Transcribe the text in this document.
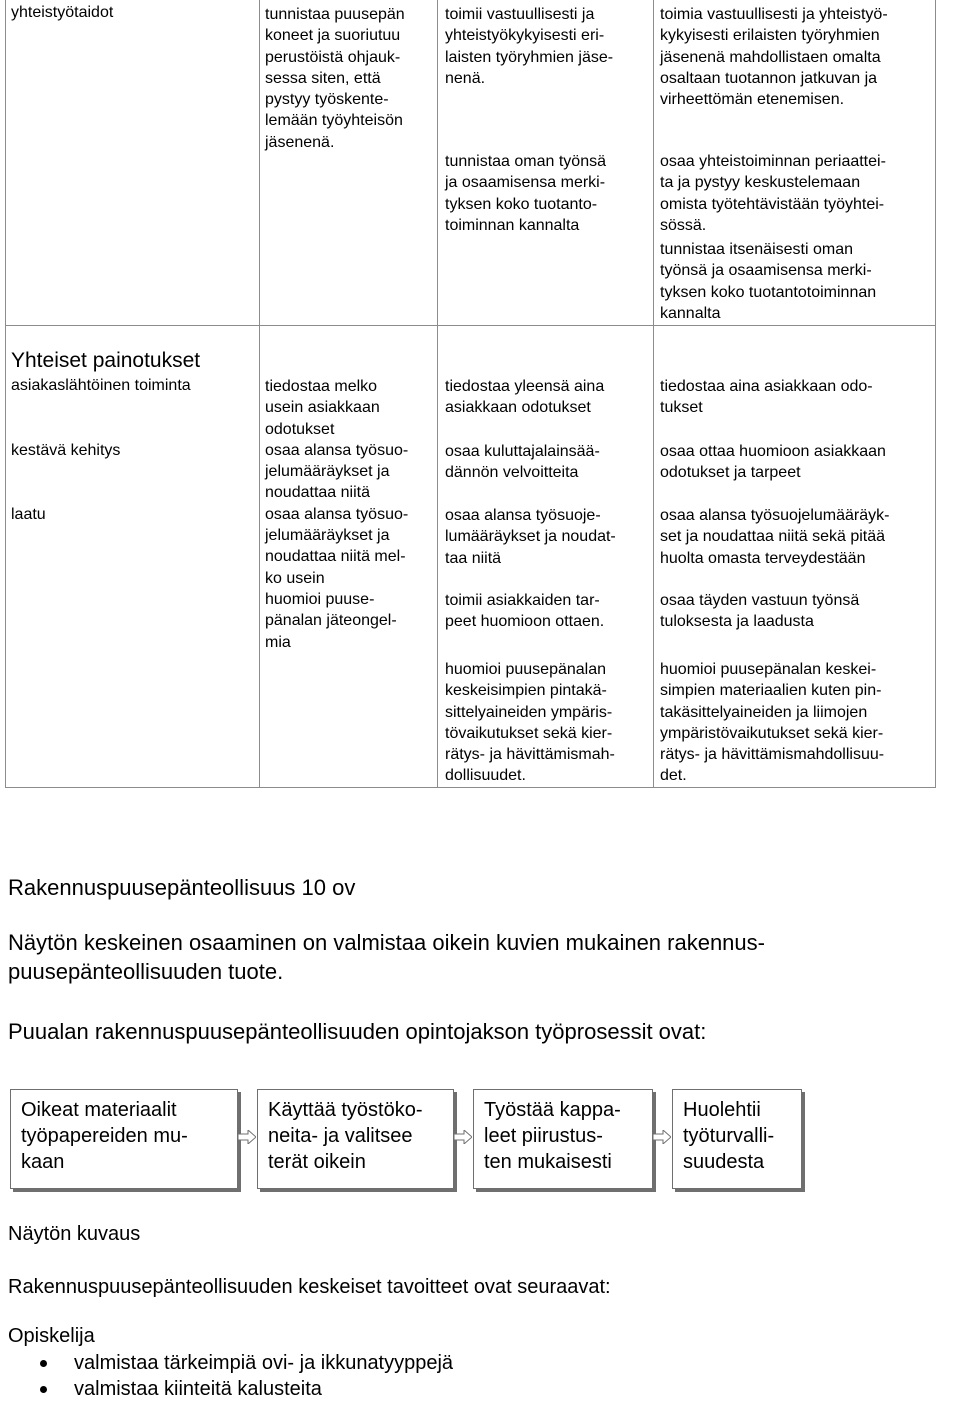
yhteistyötaidot	tunnistaa puusepän
koneet ja suoriutuu
perustöistä ohjauk-
sessa siten, että
pystyy työskente-
lemään työyhteisön
jäsenenä.
toimii vastuullisesti ja
yhteistyökykyisesti eri-
laisten työryhmien jäse-
nenä.
tunnistaa oman työnsä
ja osaamisensa merki-
tyksen koko tuotanto-
toiminnan kannalta
toimia vastuullisesti ja yhteistyö-
kykyisesti erilaisten työryhmien
jäsenenä mahdollistaen omalta
osaltaan tuotannon jatkuvan ja
virheettömän etenemisen.
osaa yhteistoiminnan periaattei-
ta ja pystyy keskustelemaan
omista työtehtävistään työyhtei-
sössä.
tunnistaa itsenäisesti oman
työnsä ja osaamisensa merki-
tyksen koko tuotantotoiminnan
kannalta
Yhteiset painotukset
asiakaslähtöinen toiminta
kestävä kehitys
laatu
tiedostaa melko
usein asiakkaan
odotukset
osaa alansa työsuo-
jelumääräykset ja
noudattaa niitä
osaa alansa työsuo-
jelumääräykset ja
noudattaa niitä mel-
ko usein
huomioi puuse-
pänalan jäteongel-
mia
tiedostaa yleensä aina
asiakkaan odotukset
osaa kuluttajalainsää-
dännön velvoitteita
osaa alansa työsuoje-
lumääräykset ja noudat-
taa niitä
toimii asiakkaiden tar-
peet huomioon ottaen.
huomioi puusepänalan
keskeisimpien pintakä-
sittelyaineiden ympäris-
tövaikutukset sekä kier-
rätys- ja hävittämismah-
dollisuudet.
tiedostaa aina asiakkaan odo-
tukset
osaa ottaa huomioon asiakkaan
odotukset ja tarpeet
osaa alansa työsuojelumääräyk-
set ja noudattaa niitä sekä pitää
huolta omasta terveydestään
osaa täyden vastuun työnsä
tuloksesta ja laadusta
huomioi puusepänalan keskei-
simpien materiaalien kuten pin-
takäsittelyaineiden ja liimojen
ympäristövaikutukset sekä kier-
rätys- ja hävittämismahdollisuu-
det.
Rakennuspuusepänteollisuus 10 ov
Näytön keskeinen osaaminen on valmistaa oikein kuvien mukainen rakennus-
puusepänteollisuuden tuote.
Puualan rakennuspuusepänteollisuuden opintojakson työprosessit ovat:
Oikeat materiaalit
työpapereiden mu-
kaan
Käyttää työstöko-
neita- ja valitsee
terät oikein
Työstää kappa-
leet piirustus-
ten mukaisesti
Huolehtii
työturvalli-
suudesta
Näytön kuvaus
Rakennuspuusepänteollisuuden keskeiset tavoitteet ovat seuraavat:
Opiskelija
valmistaa tärkeimpiä ovi- ja ikkunatyyppejä
valmistaa kiinteitä kalusteita
